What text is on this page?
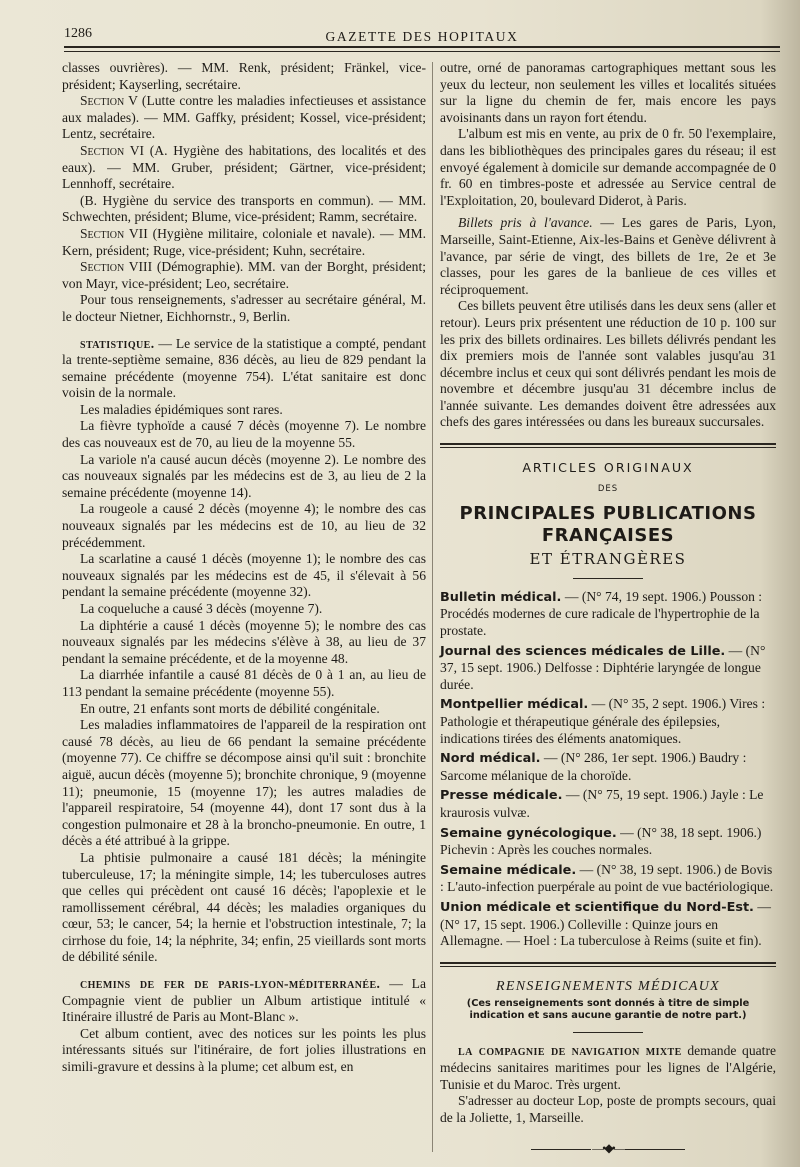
1286	GAZETTE DES HOPITAUX

classes ouvrières). — MM. Renk, président; Fränkel, vice-président; Kayserling, secrétaire.

Section V (Lutte contre les maladies infectieuses et assistance aux malades). — MM. Gaffky, président; Kossel, vice-président; Lentz, secrétaire.

Section VI (A. Hygiène des habitations, des localités et des eaux). — MM. Gruber, président; Gärtner, vice-président; Lennhoff, secrétaire.

(B. Hygiène du service des transports en commun). — MM. Schwechten, président; Blume, vice-président; Ramm, secrétaire.

Section VII (Hygiène militaire, coloniale et navale). — MM. Kern, président; Ruge, vice-président; Kuhn, secrétaire.

Section VIII (Démographie). MM. van der Borght, président; von Mayr, vice-président; Leo, secrétaire.

Pour tous renseignements, s'adresser au secrétaire général, M. le docteur Nietner, Eichhornstr., 9, Berlin.

statistique. — Le service de la statistique a compté, pendant la trente-septième semaine, 836 décès, au lieu de 829 pendant la semaine précédente (moyenne 754). L'état sanitaire est donc voisin de la normale.

Les maladies épidémiques sont rares.

La fièvre typhoïde a causé 7 décès (moyenne 7). Le nombre des cas nouveaux est de 70, au lieu de la moyenne 55.

La variole n'a causé aucun décès (moyenne 2). Le nombre des cas nouveaux signalés par les médecins est de 3, au lieu de 2 la semaine précédente (moyenne 14).

La rougeole a causé 2 décès (moyenne 4); le nombre des cas nouveaux signalés par les médecins est de 10, au lieu de 32 précédemment.

La scarlatine a causé 1 décès (moyenne 1); le nombre des cas nouveaux signalés par les médecins est de 45, il s'élevait à 56 pendant la semaine précédente (moyenne 32).

La coqueluche a causé 3 décès (moyenne 7).

La diphtérie a causé 1 décès (moyenne 5); le nombre des cas nouveaux signalés par les médecins s'élève à 38, au lieu de 37 pendant la semaine précédente, et de la moyenne 48.

La diarrhée infantile a causé 81 décès de 0 à 1 an, au lieu de 113 pendant la semaine précédente (moyenne 55).

En outre, 21 enfants sont morts de débilité congénitale.

Les maladies inflammatoires de l'appareil de la respiration ont causé 78 décès, au lieu de 66 pendant la semaine précédente (moyenne 77). Ce chiffre se décompose ainsi qu'il suit : bronchite aiguë, aucun décès (moyenne 5); bronchite chronique, 9 (moyenne 11); pneumonie, 15 (moyenne 17); les autres maladies de l'appareil respiratoire, 54 (moyenne 44), dont 17 sont dus à la congestion pulmonaire et 28 à la broncho-pneumonie. En outre, 1 décès a été attribué à la grippe.

La phtisie pulmonaire a causé 181 décès; la méningite tuberculeuse, 17; la méningite simple, 14; les tuberculoses autres que celles qui précèdent ont causé 16 décès; l'apoplexie et le ramollissement cérébral, 44 décès; les maladies organiques du cœur, 53; le cancer, 54; la hernie et l'obstruction intestinale, 7; la cirrhose du foie, 14; la néphrite, 34; enfin, 25 vieillards sont morts de débilité sénile.

chemins de fer de paris-lyon-méditerranée. — La Compagnie vient de publier un Album artistique intitulé « Itinéraire illustré de Paris au Mont-Blanc ».

Cet album contient, avec des notices sur les points les plus intéressants situés sur l'itinéraire, de fort jolies illustrations en simili-gravure et dessins à la plume; cet album est, en

outre, orné de panoramas cartographiques mettant sous les yeux du lecteur, non seulement les villes et localités situées sur la ligne du chemin de fer, mais encore les pays avoisinants dans un rayon fort étendu.

L'album est mis en vente, au prix de 0 fr. 50 l'exemplaire, dans les bibliothèques des principales gares du réseau; il est envoyé également à domicile sur demande accompagnée de 0 fr. 60 en timbres-poste et adressée au Service central de l'Exploitation, 20, boulevard Diderot, à Paris.

Billets pris à l'avance. — Les gares de Paris, Lyon, Marseille, Saint-Etienne, Aix-les-Bains et Genève délivrent à l'avance, par série de vingt, des billets de 1re, 2e et 3e classes, pour les gares de la banlieue de ces villes et réciproquement.

Ces billets peuvent être utilisés dans les deux sens (aller et retour). Leurs prix présentent une réduction de 10 p. 100 sur les prix des billets ordinaires. Les billets délivrés pendant les dix premiers mois de l'année sont valables jusqu'au 31 décembre inclus et ceux qui sont délivrés pendant les mois de novembre et décembre jusqu'au 31 décembre inclus de l'année suivante. Les demandes doivent être adressées aux chefs des gares intéressées ou dans les bureaux succursales.

ARTICLES ORIGINAUX
DES
PRINCIPALES PUBLICATIONS FRANÇAISES
ET ÉTRANGÈRES

Bulletin médical. — (N° 74, 19 sept. 1906.) Pousson : Procédés modernes de cure radicale de l'hypertrophie de la prostate.

Journal des sciences médicales de Lille. — (N° 37, 15 sept. 1906.) Delfosse : Diphtérie laryngée de longue durée.

Montpellier médical. — (N° 35, 2 sept. 1906.) Vires : Pathologie et thérapeutique générale des épilepsies, indications tirées des éléments anatomiques.

Nord médical. — (N° 286, 1er sept. 1906.) Baudry : Sarcome mélanique de la choroïde.

Presse médicale. — (N° 75, 19 sept. 1906.) Jayle : Le kraurosis vulvæ.

Semaine gynécologique. — (N° 38, 18 sept. 1906.) Pichevin : Après les couches normales.

Semaine médicale. — (N° 38, 19 sept. 1906.) de Bovis : L'auto-infection puerpérale au point de vue bactériologique.

Union médicale et scientifique du Nord-Est. — (N° 17, 15 sept. 1906.) Colleville : Quinze jours en Allemagne. — Hoel : La tuberculose à Reims (suite et fin).

RENSEIGNEMENTS MÉDICAUX
(Ces renseignements sont donnés à titre de simple indication et sans aucune garantie de notre part.)

la compagnie de navigation mixte demande quatre médecins sanitaires maritimes pour les lignes de l'Algérie, Tunisie et du Maroc. Très urgent.

S'adresser au docteur Lop, poste de prompts secours, quai de la Joliette, 1, Marseille.

—•◆•—
